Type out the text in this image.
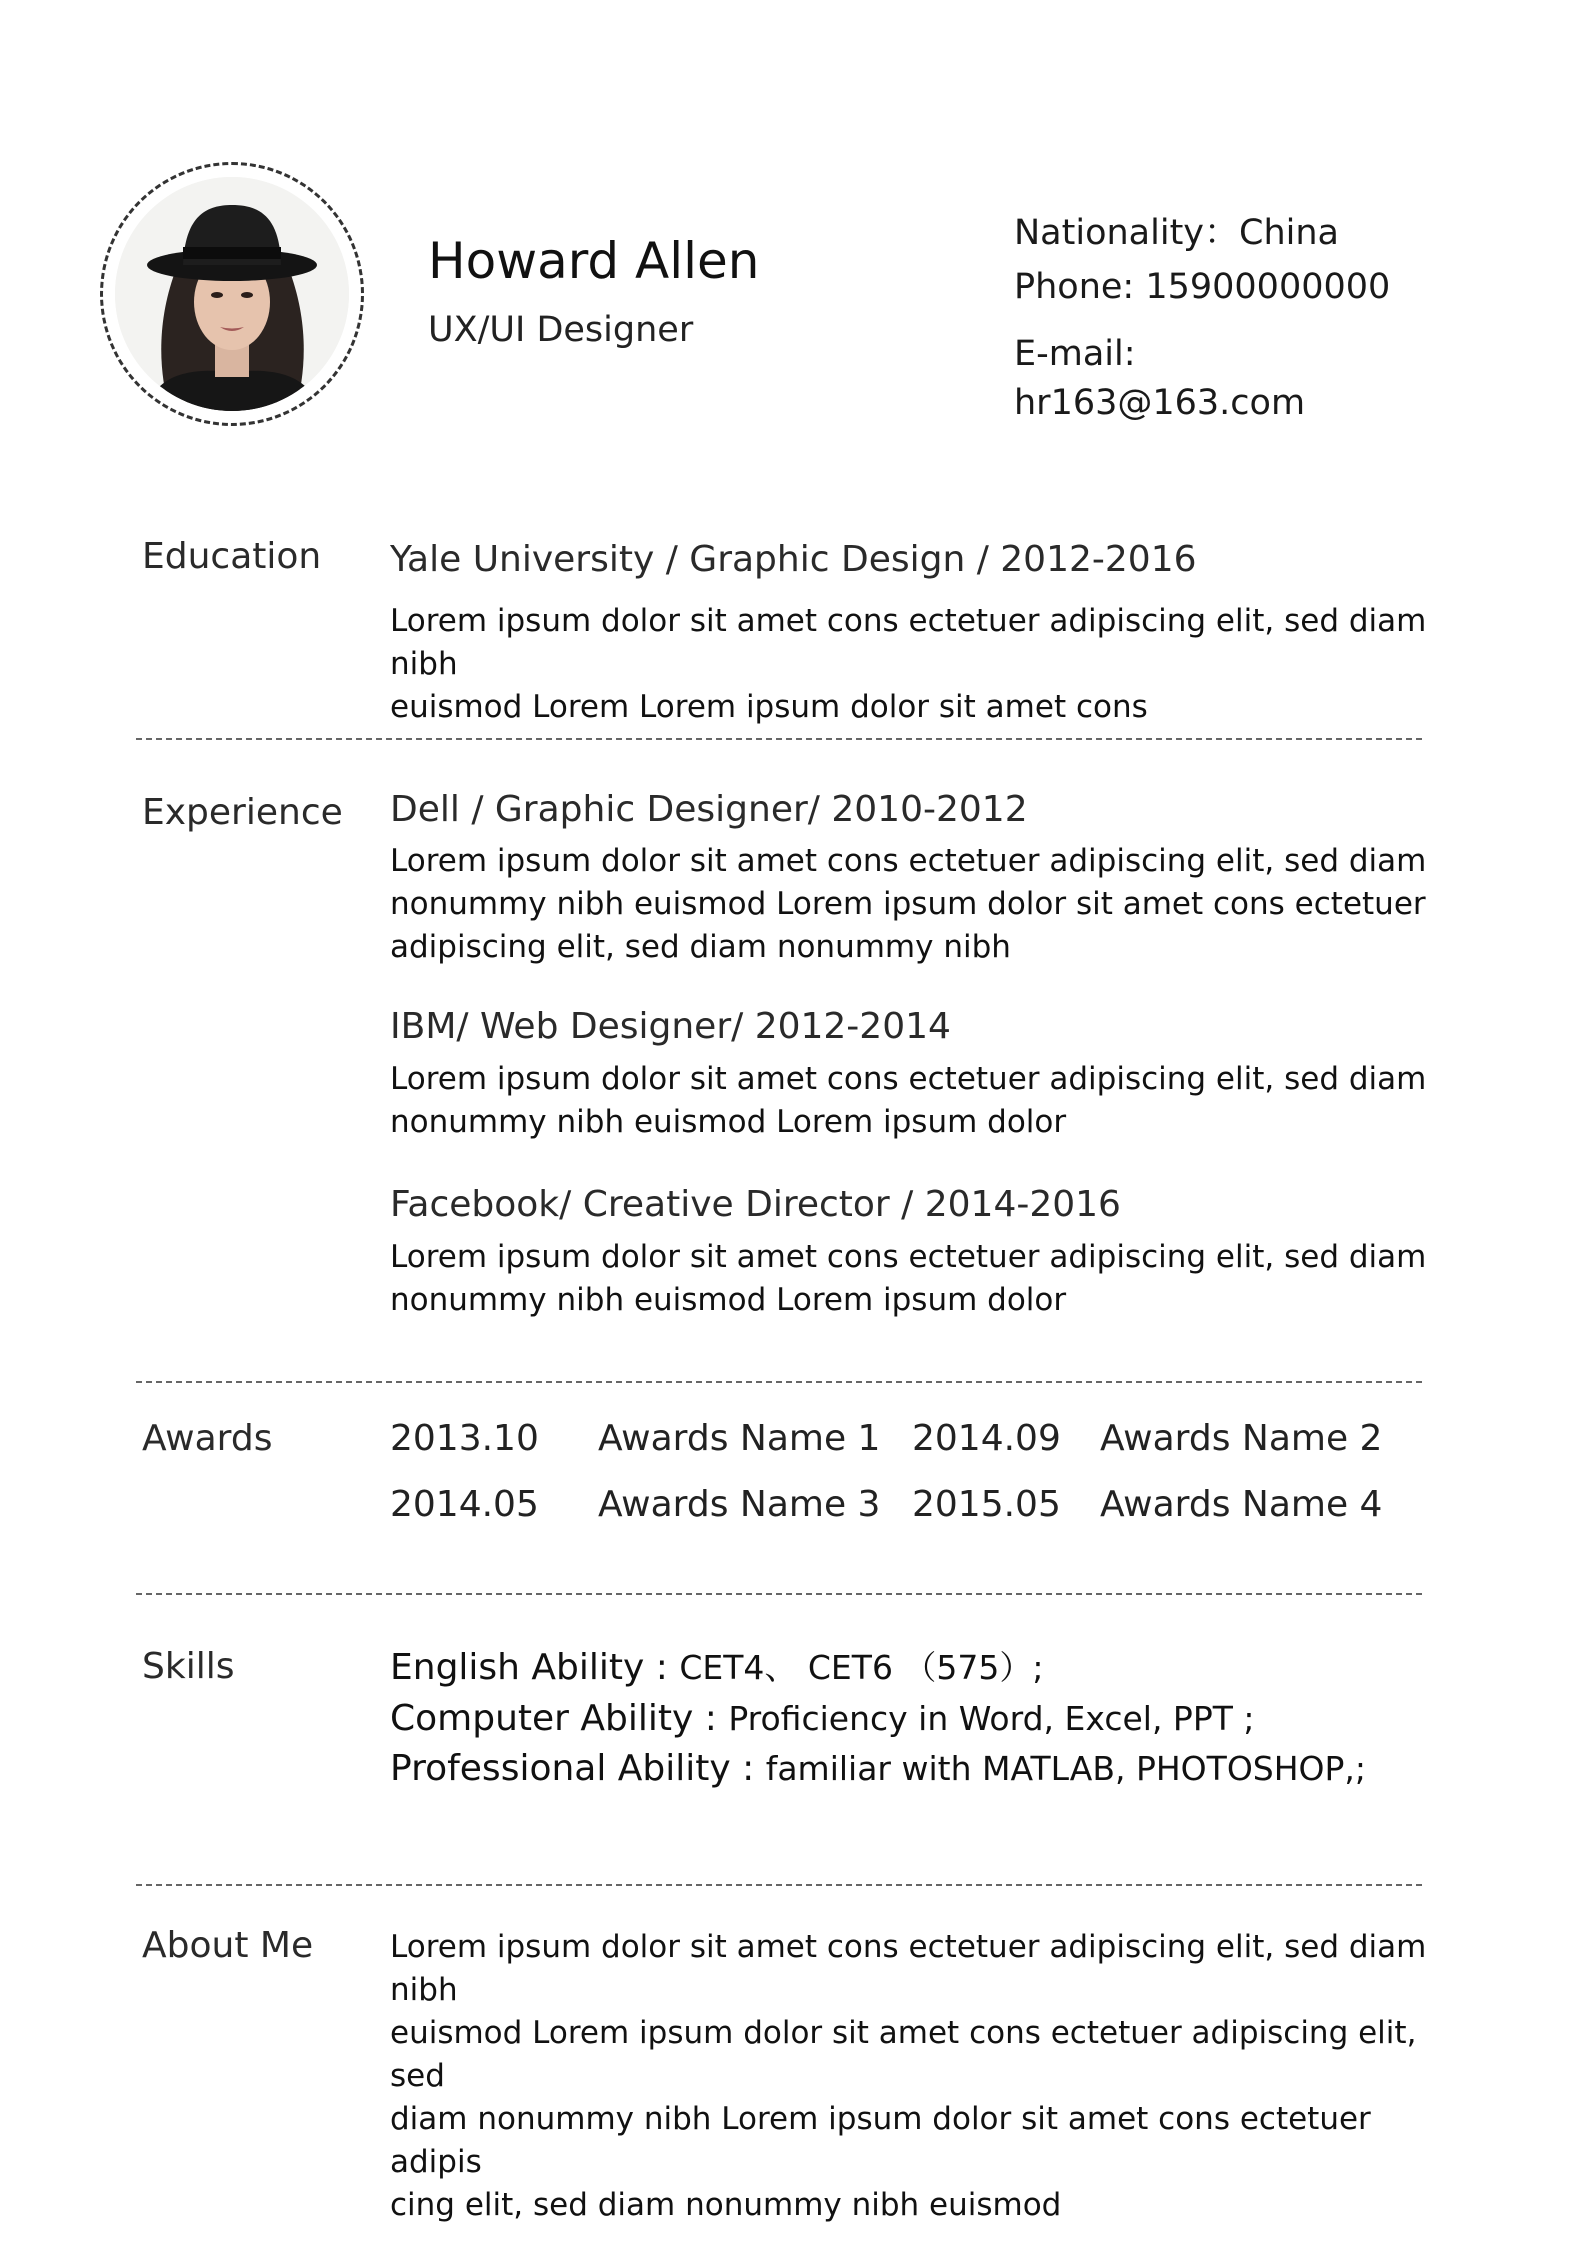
Howard Allen
UX/UI Designer
Nationality：China
Phone: 15900000000
E-mail:
hr163@163.com
Education Yale University / Graphic Design / 2012-2016
Lorem ipsum dolor sit amet cons ectetuer adipiscing elit, sed diam nibh
euismod Lorem Lorem ipsum dolor sit amet cons
Experience Dell / Graphic Designer/ 2010-2012
Lorem ipsum dolor sit amet cons ectetuer adipiscing elit, sed diam
nonummy nibh euismod Lorem ipsum dolor sit amet cons ectetuer
adipiscing elit, sed diam nonummy nibh
IBM/ Web Designer/ 2012-2014
Lorem ipsum dolor sit amet cons ectetuer adipiscing elit, sed diam
nonummy nibh euismod Lorem ipsum dolor
Facebook/ Creative Director / 2014-2016
Lorem ipsum dolor sit amet cons ectetuer adipiscing elit, sed diam
nonummy nibh euismod Lorem ipsum dolor
Awards	2013.10 Awards Name 1 2014.09 Awards Name 2
2014.05 Awards Name 3 2015.05 Awards Name 4
Skills	English Ability : CET4、 CET6 （575）;
Computer Ability : Proficiency in Word, Excel, PPT ;
Professional Ability : familiar with MATLAB, PHOTOSHOP,;
About Me Lorem ipsum dolor sit amet cons ectetuer adipiscing elit, sed diam nibh
euismod Lorem ipsum dolor sit amet cons ectetuer adipiscing elit, sed
diam nonummy nibh Lorem ipsum dolor sit amet cons ectetuer adipis
cing elit, sed diam nonummy nibh euismod
